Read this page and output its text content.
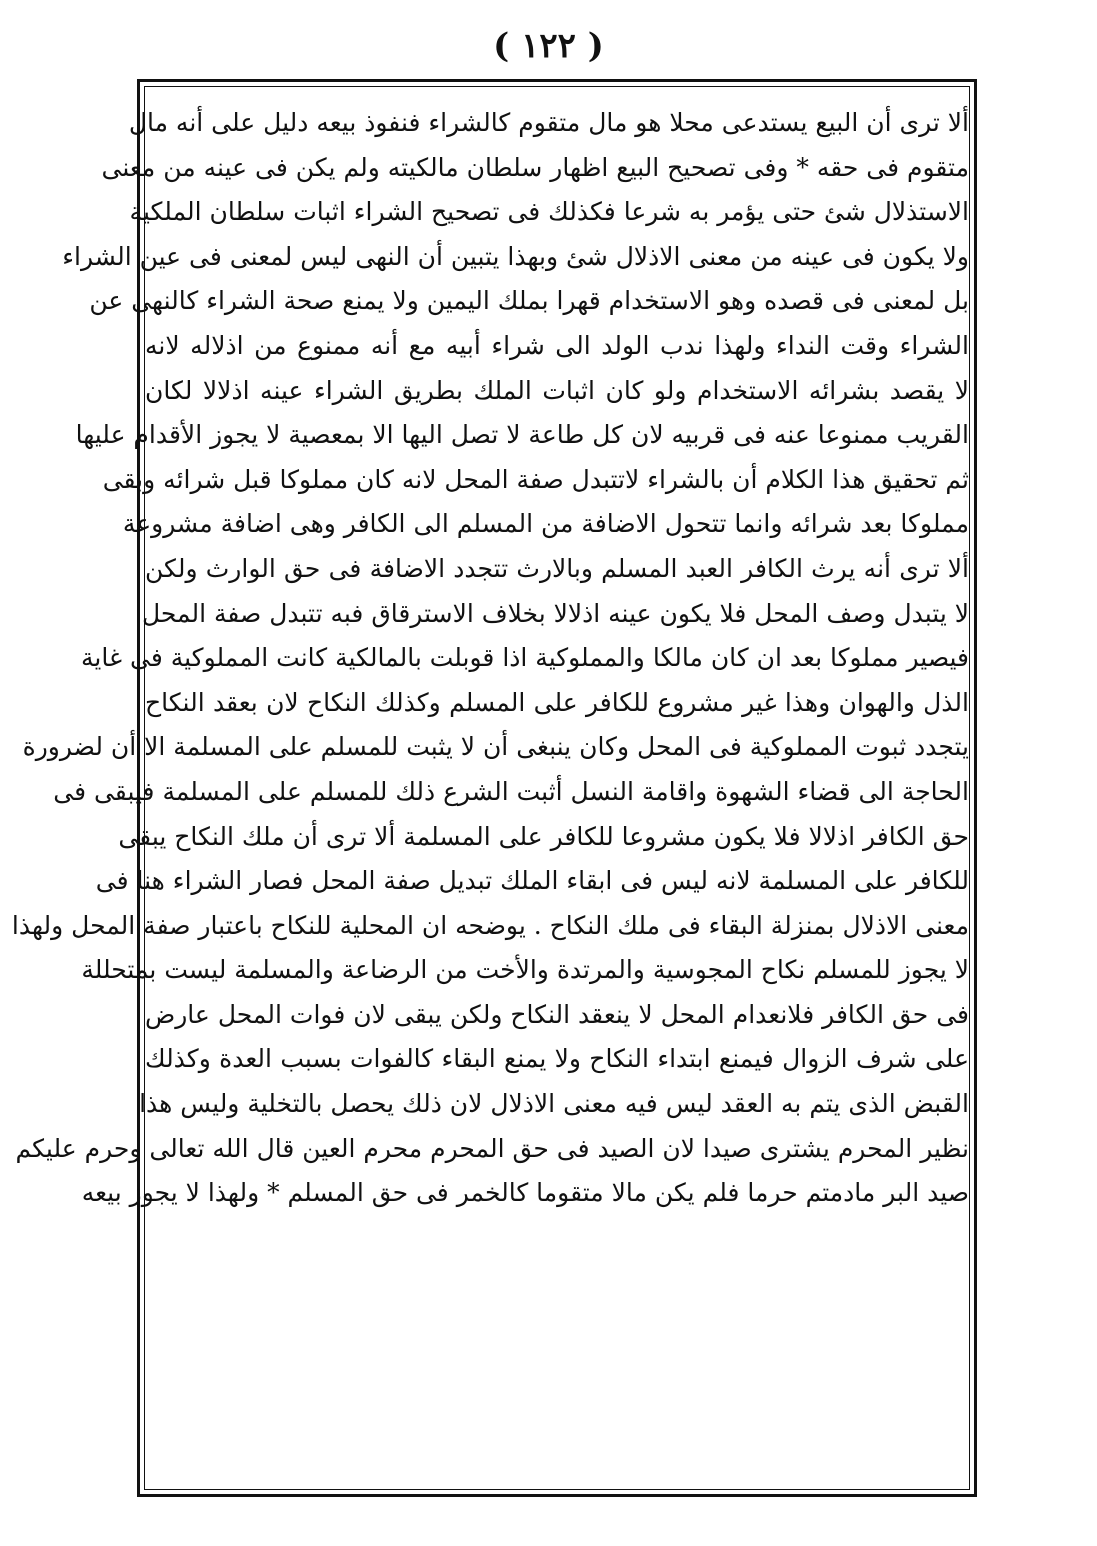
( ١٢٢ )
ألا ترى أن البيع يستدعى محلا هو مال متقوم كالشراء فنفوذ بيعه دليل على أنه مال
متقوم فى حقه * وفى تصحيح البيع اظهار سلطان مالكيته ولم يكن فى عينه من معنى
الاستذلال شئ حتى يؤمر به شرعا فكذلك فى تصحيح الشراء اثبات سلطان الملكية
ولا يكون فى عينه من معنى الاذلال شئ وبهذا يتبين أن النهى ليس لمعنى فى عين الشراء
بل لمعنى فى قصده وهو الاستخدام قهرا بملك اليمين ولا يمنع صحة الشراء كالنهى عن
الشراء وقت النداء ولهذا ندب الولد الى شراء أبيه مع أنه ممنوع من اذلاله لانه
لا يقصد بشرائه الاستخدام ولو كان اثبات الملك بطريق الشراء عينه اذلالا لكان
القريب ممنوعا عنه فى قربيه لان كل طاعة لا تصل اليها الا بمعصية لا يجوز الأقدام عليها
ثم تحقيق هذا الكلام أن بالشراء لاتتبدل صفة المحل لانه كان مملوكا قبل شرائه وبقى
مملوكا بعد شرائه وانما تتحول الاضافة من المسلم الى الكافر وهى اضافة مشروعة
ألا ترى أنه يرث الكافر العبد المسلم وبالارث تتجدد الاضافة فى حق الوارث ولكن
لا يتبدل وصف المحل فلا يكون عينه اذلالا بخلاف الاسترقاق فبه تتبدل صفة المحل
فيصير مملوكا بعد ان كان مالكا والمملوكية اذا قوبلت بالمالكية كانت المملوكية فى غاية
الذل والهوان وهذا غير مشروع للكافر على المسلم وكذلك النكاح لان بعقد النكاح
يتجدد ثبوت المملوكية فى المحل وكان ينبغى أن لا يثبت للمسلم على المسلمة الا أن لضرورة
الحاجة الى قضاء الشهوة واقامة النسل أثبت الشرع ذلك للمسلم على المسلمة فيبقى فى
حق الكافر اذلالا فلا يكون مشروعا للكافر على المسلمة ألا ترى أن ملك النكاح يبقى
للكافر على المسلمة لانه ليس فى ابقاء الملك تبديل صفة المحل فصار الشراء هنا فى
معنى الاذلال بمنزلة البقاء فى ملك النكاح . يوضحه ان المحلية للنكاح باعتبار صفة المحل ولهذا
لا يجوز للمسلم نكاح المجوسية والمرتدة والأخت من الرضاعة والمسلمة ليست بمتحللة
فى حق الكافر فلانعدام المحل لا ينعقد النكاح ولكن يبقى لان فوات المحل عارض
على شرف الزوال فيمنع ابتداء النكاح ولا يمنع البقاء كالفوات بسبب العدة وكذلك
القبض الذى يتم به العقد ليس فيه معنى الاذلال لان ذلك يحصل بالتخلية وليس هذا
نظير المحرم يشترى صيدا لان الصيد فى حق المحرم محرم العين قال الله تعالى وحرم عليكم
صيد البر مادمتم حرما فلم يكن مالا متقوما كالخمر فى حق المسلم * ولهذا لا يجوز بيعه
